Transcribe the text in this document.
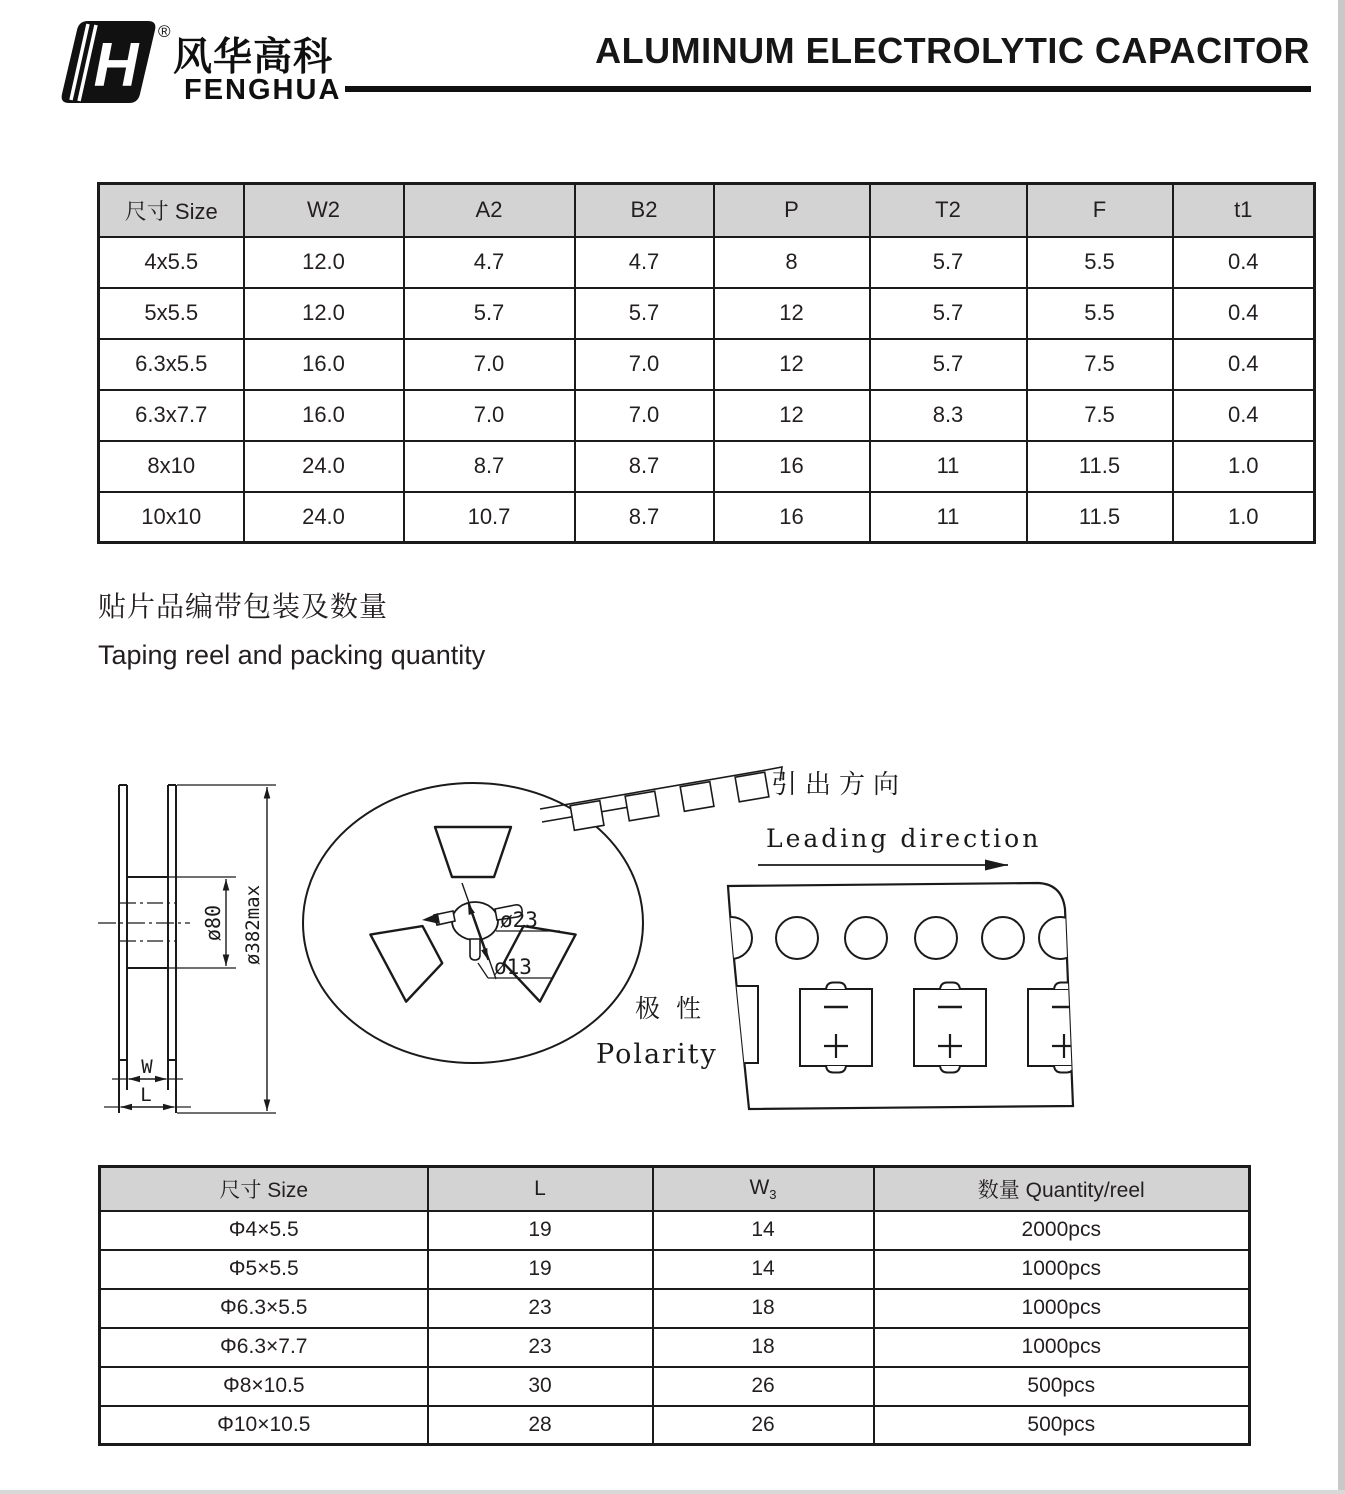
H ®
风华高科
FENGHUA
ALUMINUM ELECTROLYTIC CAPACITOR
尺寸 Size	W2	A2	B2	P	T2	F	t1
4x5.5	12.0	4.7	4.7	8	5.7	5.5	0.4
5x5.5	12.0	5.7	5.7	12	5.7	5.5	0.4
6.3x5.5	16.0	7.0	7.0	12	5.7	7.5	0.4
6.3x7.7	16.0	7.0	7.0	12	8.3	7.5	0.4
8x10	24.0	8.7	8.7	16	11	11.5	1.0
10x10	24.0	10.7	8.7	16	11	11.5	1.0
贴片品编带包装及数量
Taping reel and packing quantity
ø80 ø382max
W
L
ø23
ø13
极 性
Polarity
引出方向
Leading direction
尺寸 Size	L	$W_3$	数量 Quantity/reel
Φ4×5.5	19	14	2000pcs
Φ5×5.5	19	14	1000pcs
Φ6.3×5.5	23	18	1000pcs
Φ6.3×7.7	23	18	1000pcs
Φ8×10.5	30	26	500pcs
Φ10×10.5	28	26	500pcs
